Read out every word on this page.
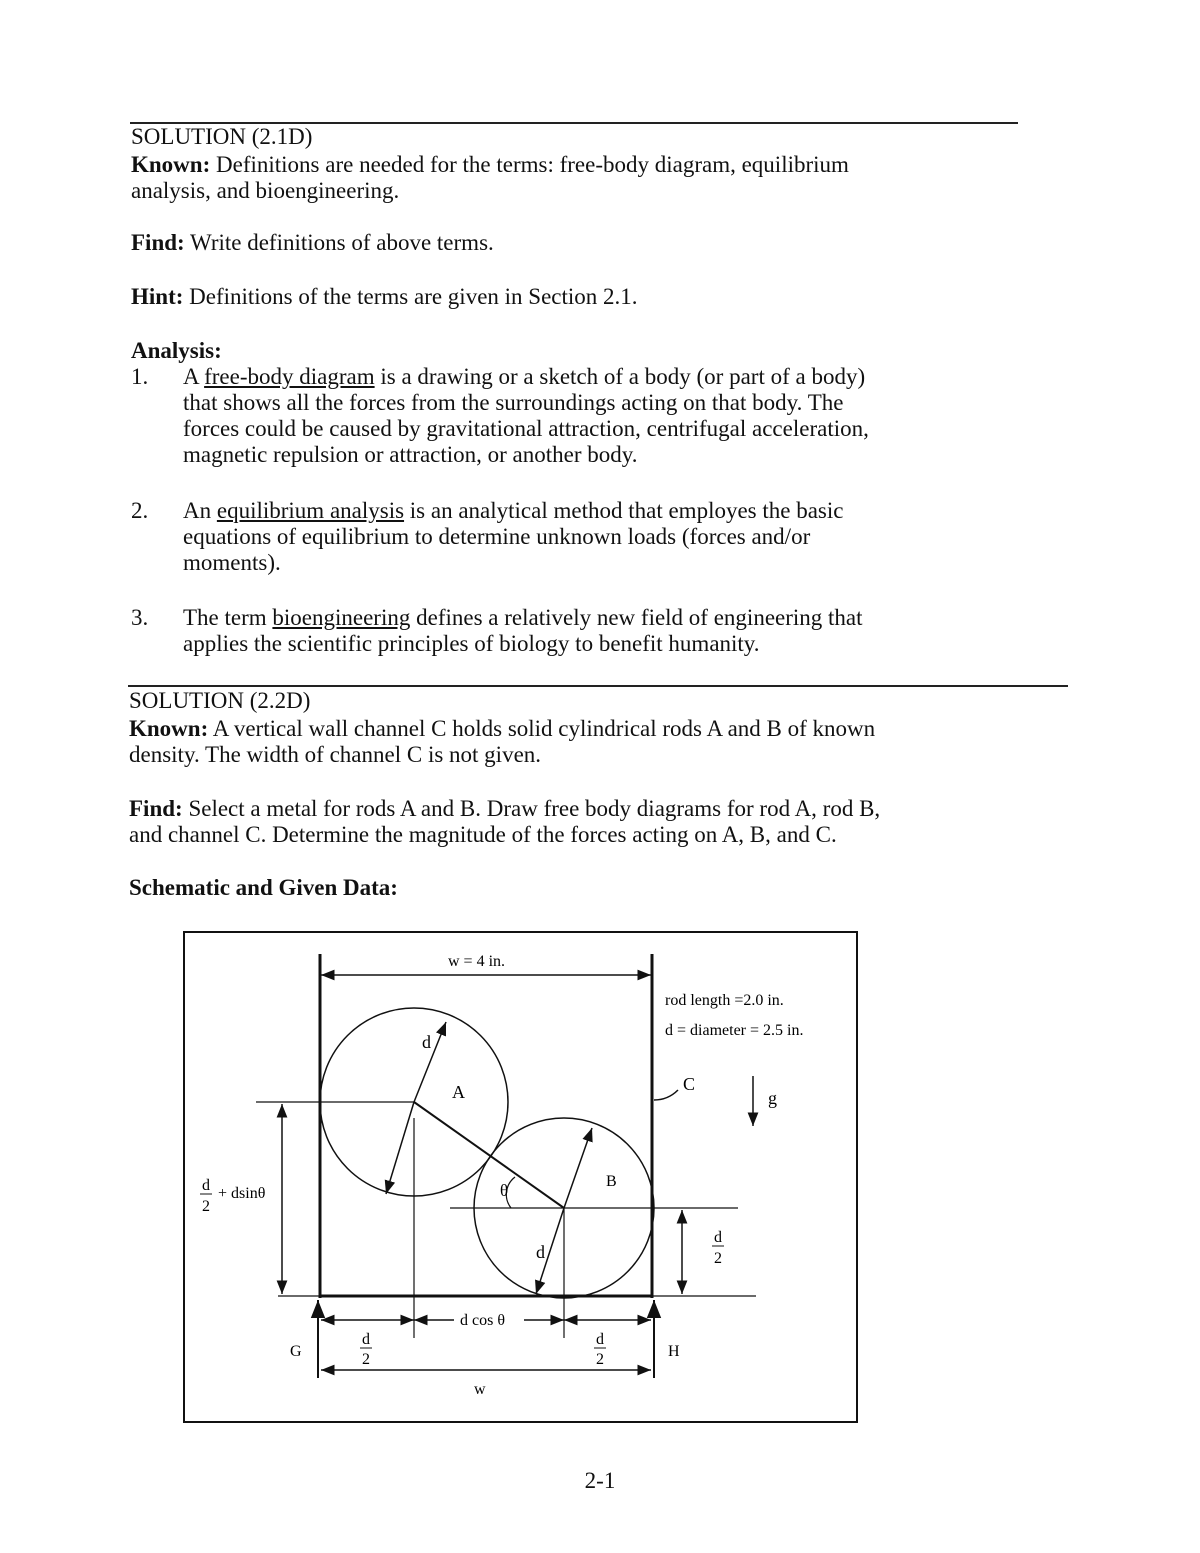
SOLUTION (2.1D)
Known: Definitions are needed for the terms: free-body diagram, equilibrium
analysis, and bioengineering.
Find: Write definitions of above terms.
Hint: Definitions of the terms are given in Section 2.1.
Analysis:
1. A free-body diagram is a drawing or a sketch of a body (or part of a body)
that shows all the forces from the surroundings acting on that body. The
forces could be caused by gravitational attraction, centrifugal acceleration,
magnetic repulsion or attraction, or another body.
2. An equilibrium analysis is an analytical method that employes the basic
equations of equilibrium to determine unknown loads (forces and/or
moments).
3. The term bioengineering defines a relatively new field of engineering that
applies the scientific principles of biology to benefit humanity.
SOLUTION (2.2D)
Known: A vertical wall channel C holds solid cylindrical rods A and B of known
density. The width of channel C is not given.
Find: Select a metal for rods A and B. Draw free body diagrams for rod A, rod B,
and channel C. Determine the magnitude of the forces acting on A, B, and C.
Schematic and Given Data:
w = 4 in.
rod length =2.0 in.
d = diameter = 2.5 in.
C
g
A
d
B
d
θ
d
2
+ dsinθ
d
2
G	H
d cos θ
d
2
d
2
w
2-1
